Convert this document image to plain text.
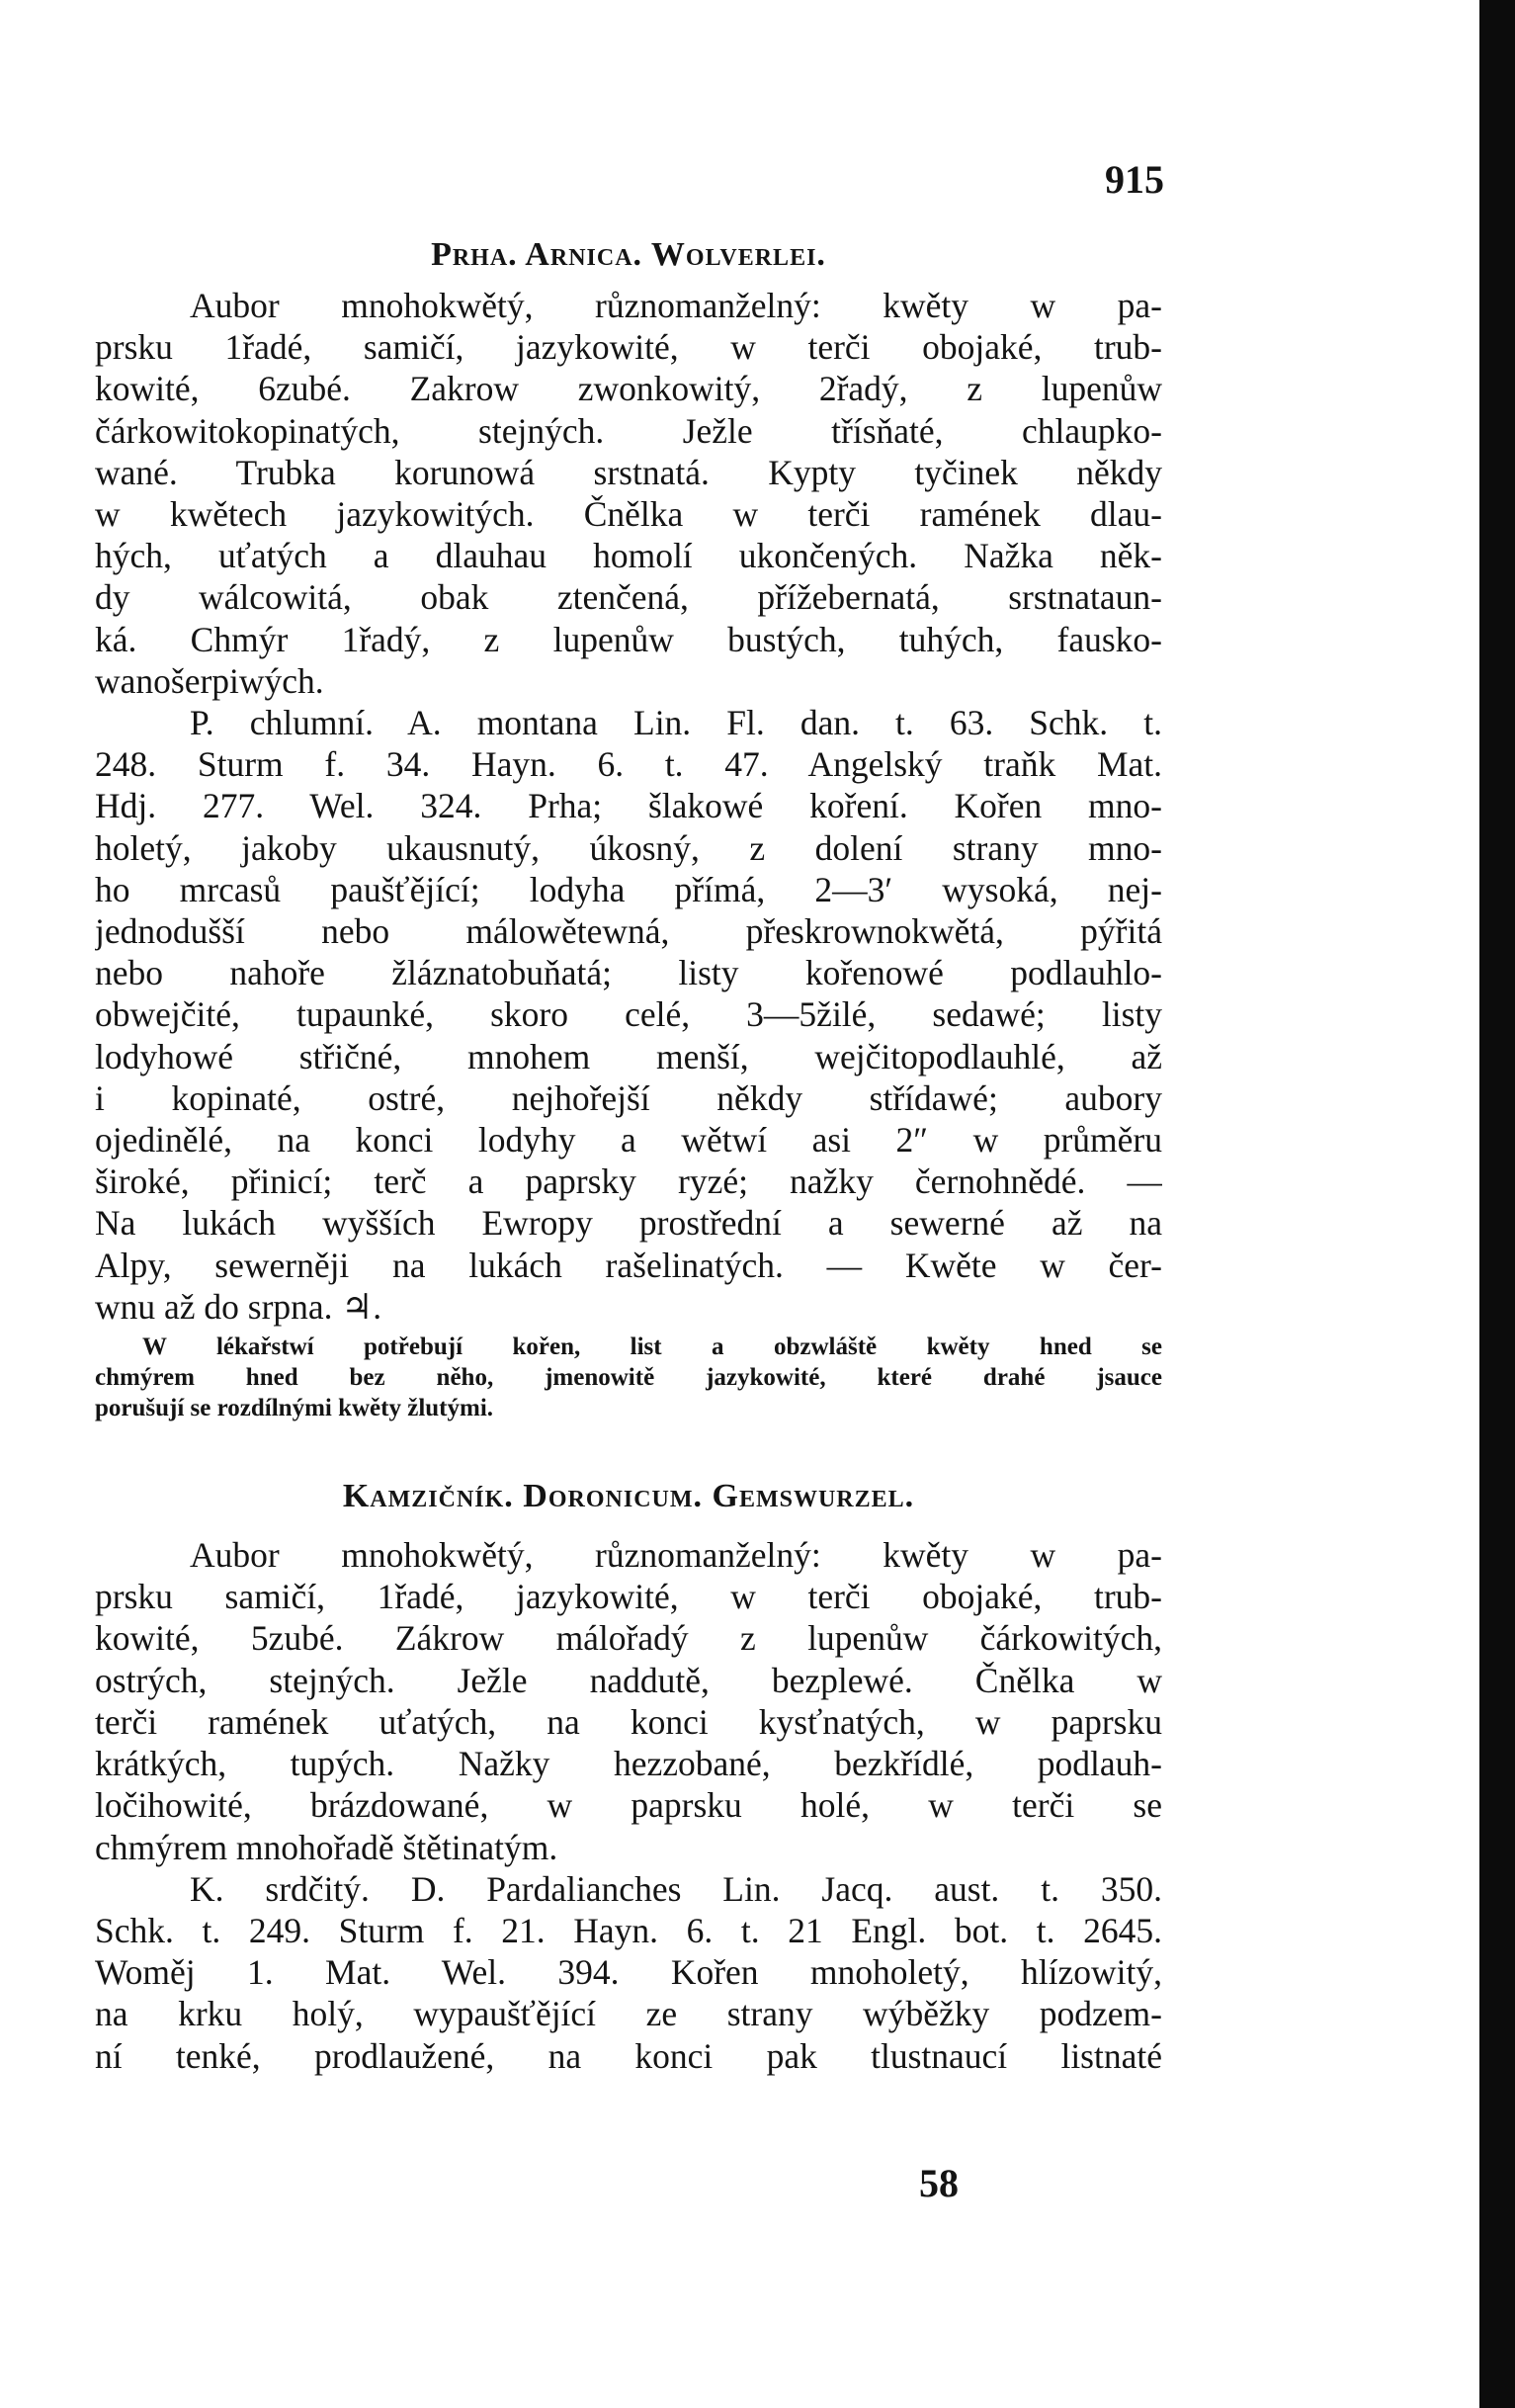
915
Prha. Arnica. Wolverlei.
Aubor mnohokwětý, různomanželný: kwěty w pa-
prsku 1řadé, samičí, jazykowité, w terči obojaké, trub-
kowité, 6zubé. Zakrow zwonkowitý, 2řadý, z lupenůw
čárkowitokopinatých, stejných. Ježle třísňaté, chlaupko-
wané. Trubka korunowá srstnatá. Kypty tyčinek někdy
w kwětech jazykowitých. Čnělka w terči ramének dlau-
hých, uťatých a dlauhau homolí ukončených. Nažka něk-
dy wálcowitá, obak ztenčená, přížebernatá, srstnataun-
ká. Chmýr 1řadý, z lupenůw bustých, tuhých, fausko-
wanošerpiwých.
P. chlumní. A. montana Lin. Fl. dan. t. 63. Schk. t.
248. Sturm f. 34. Hayn. 6. t. 47. Angelský traňk Mat.
Hdj. 277. Wel. 324. Prha; šlakowé koření. Kořen mno-
holetý, jakoby ukausnutý, úkosný, z dolení strany mno-
ho mrcasů paušťějící; lodyha přímá, 2—3′ wysoká, nej-
jednodušší nebo málowětewná, přeskrownokwětá, pýřitá
nebo nahoře žláznatobuňatá; listy kořenowé podlauhlo-
obwejčité, tupaunké, skoro celé, 3—5žilé, sedawé; listy
lodyhowé střičné, mnohem menší, wejčitopodlauhlé, až
i kopinaté, ostré, nejhořejší někdy střídawé; aubory
ojedinělé, na konci lodyhy a wětwí asi 2″ w průměru
široké, přinicí; terč a paprsky ryzé; nažky černohnědé. —
Na lukách wyšších Ewropy prostřední a sewerné až na
Alpy, sewerněji na lukách rašelinatých. — Kwěte w čer-
wnu až do srpna. ♃.
W lékařstwí potřebují kořen, list a obzwláště kwěty hned se
chmýrem hned bez něho, jmenowitě jazykowité, které drahé jsauce
porušují se rozdílnými kwěty žlutými.
Kamzičník. Doronicum. Gemswurzel.
Aubor mnohokwětý, různomanželný: kwěty w pa-
prsku samičí, 1řadé, jazykowité, w terči obojaké, trub-
kowité, 5zubé. Zákrow málořadý z lupenůw čárkowitých,
ostrých, stejných. Ježle naddutě, bezplewé. Čnělka w
terči ramének uťatých, na konci kysťnatých, w paprsku
krátkých, tupých. Nažky hezzobané, bezkřídlé, podlauh-
ločihowité, brázdowané, w paprsku holé, w terči se
chmýrem mnohořadě štětinatým.
K. srdčitý. D. Pardalianches Lin. Jacq. aust. t. 350.
Schk. t. 249. Sturm f. 21. Hayn. 6. t. 21 Engl. bot. t. 2645.
Woměj 1. Mat. Wel. 394. Kořen mnoholetý, hlízowitý,
na krku holý, wypaušťějící ze strany wýběžky podzem-
ní tenké, prodlaužené, na konci pak tlustnaucí listnaté
58
